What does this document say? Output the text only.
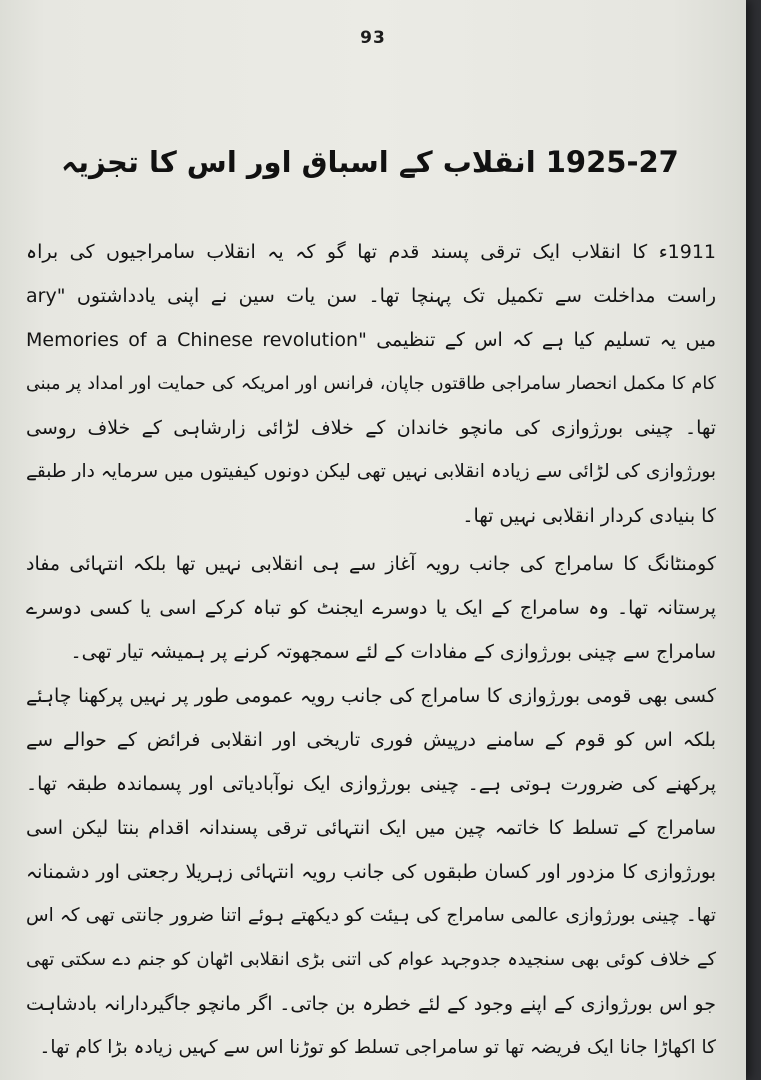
93
1925-27 انقلاب کے اسباق اور اس کا تجزیہ
1911ء کا انقلاب ایک ترقی پسند قدم تھا گو کہ یہ انقلاب سامراجیوں کی براہ
راست مداخلت سے تکمیل تک پہنچا تھا۔ سن یات سین نے اپنی یادداشتوں "ary
میں یہ تسلیم کیا ہے کہ اس کے تنظیمی "Memories of a Chinese revolution
کام کا مکمل انحصار سامراجی طاقتوں جاپان، فرانس اور امریکہ کی حمایت اور امداد پر مبنی
تھا۔ چینی بورژوازی کی مانچو خاندان کے خلاف لڑائی زارشاہی کے خلاف روسی
بورژوازی کی لڑائی سے زیادہ انقلابی نہیں تھی لیکن دونوں کیفیتوں میں سرمایہ دار طبقے
کا بنیادی کردار انقلابی نہیں تھا۔
کومنٹانگ کا سامراج کی جانب رویہ آغاز سے ہی انقلابی نہیں تھا بلکہ انتہائی مفاد
پرستانہ تھا۔ وہ سامراج کے ایک یا دوسرے ایجنٹ کو تباہ کرکے اسی یا کسی دوسرے
سامراج سے چینی بورژوازی کے مفادات کے لئے سمجھوتہ کرنے پر ہمیشہ تیار تھی۔
کسی بھی قومی بورژوازی کا سامراج کی جانب رویہ عمومی طور پر نہیں پرکھنا چاہئے
بلکہ اس کو قوم کے سامنے درپیش فوری تاریخی اور انقلابی فرائض کے حوالے سے
پرکھنے کی ضرورت ہوتی ہے۔ چینی بورژوازی ایک نوآبادیاتی اور پسماندہ طبقہ تھا۔
سامراج کے تسلط کا خاتمہ چین میں ایک انتہائی ترقی پسندانہ اقدام بنتا لیکن اسی
بورژوازی کا مزدور اور کسان طبقوں کی جانب رویہ انتہائی زہریلا رجعتی اور دشمنانہ
تھا۔ چینی بورژوازی عالمی سامراج کی ہیئت کو دیکھتے ہوئے اتنا ضرور جانتی تھی کہ اس
کے خلاف کوئی بھی سنجیدہ جدوجہد عوام کی اتنی بڑی انقلابی اٹھان کو جنم دے سکتی تھی
جو اس بورژوازی کے اپنے وجود کے لئے خطرہ بن جاتی۔ اگر مانچو جاگیردارانہ بادشاہت
کا اکھاڑا جانا ایک فریضہ تھا تو سامراجی تسلط کو توڑنا اس سے کہیں زیادہ بڑا کام تھا۔
